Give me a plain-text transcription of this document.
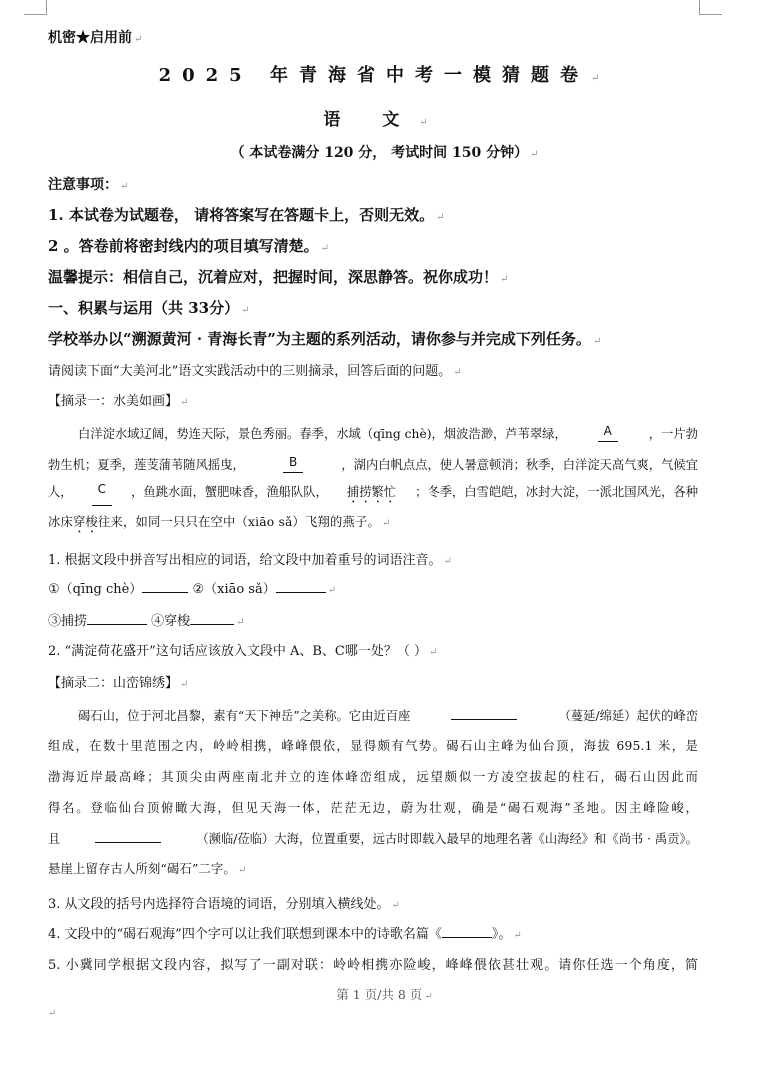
机密★启用前 ↵
2025 年青海省中考一模猜题卷 ↵
语 文 ↵
（ 本试卷满分 120 分， 考试时间 150 分钟） ↵
注意事项： ↵
1. 本试卷为试题卷， 请将答案写在答题卡上，否则无效。 ↵
2 。答卷前将密封线内的项目填写清楚。 ↵
温馨提示：相信自己，沉着应对，把握时间，深思静答。祝你成功！ ↵
一、积累与运用（共 33分） ↵
学校举办以“溯源黄河 · 青海长青”为主题的系列活动，请你参与并完成下列任务。 ↵
请阅读下面“大美河北”语文实践活动中的三则摘录，回答后面的问题。 ↵
【摘录一：水美如画】 ↵
白洋淀水域辽阔，势连天际，景色秀丽。春季，水域（qīng chè)，烟波浩渺，芦苇翠绿，	A	，一片勃
勃生机；夏季，莲芰蒲苇随风摇曳，	B	，湖内白帆点点，使人暑意顿消；秋季，白洋淀天高气爽，气候宜
人，	C	，鱼跳水面，蟹肥味香，渔船队队， 捕捞繁忙 ；冬季，白雪皑皑，冰封大淀，一派北国风光，各种
冰床穿梭往来，如同一只只在空中（xiāo sǎ）飞翔的燕子。 ↵
1. 根据文段中拼音写出相应的词语，给文段中加着重号的词语注音。 ↵
①（qīng chè）	②（xiāo sǎ）	↵
③捕捞	④穿梭	↵
2. “满淀荷花盛开”这句话应该放入文段中 A、B、C哪一处？（ ） ↵
【摘录二：山峦锦绣】 ↵
碣石山，位于河北昌黎，素有“天下神岳”之美称。它由近百座	（蔓延/绵延）起伏的峰峦
组成，在数十里范围之内，岭岭相携，峰峰偎依，显得颇有气势。碣石山主峰为仙台顶，海拔 695.1 米，是
渤海近岸最高峰；其顶尖由两座南北并立的连体峰峦组成，远望颇似一方凌空拔起的柱石，碣石山因此而
得名。登临仙台顶俯瞰大海，但见天海一体，茫茫无边，蔚为壮观，确是“碣石观海”圣地。因主峰险峻，
且	（濒临/莅临）大海，位置重要，远古时即载入最早的地理名著《山海经》和《尚书 · 禹贡》。
悬崖上留存古人所刻“碣石”二字。 ↵
3. 从文段的括号内选择符合语境的词语，分别填入横线处。 ↵
4. 文段中的“碣石观海”四个字可以让我们联想到课本中的诗歌名篇《	》。 ↵
5. 小冀同学根据文段内容，拟写了一副对联：岭岭相携亦险峻，峰峰偎依甚壮观。请你任选一个角度，简
第 1 页/共 8 页 ↵
↵
